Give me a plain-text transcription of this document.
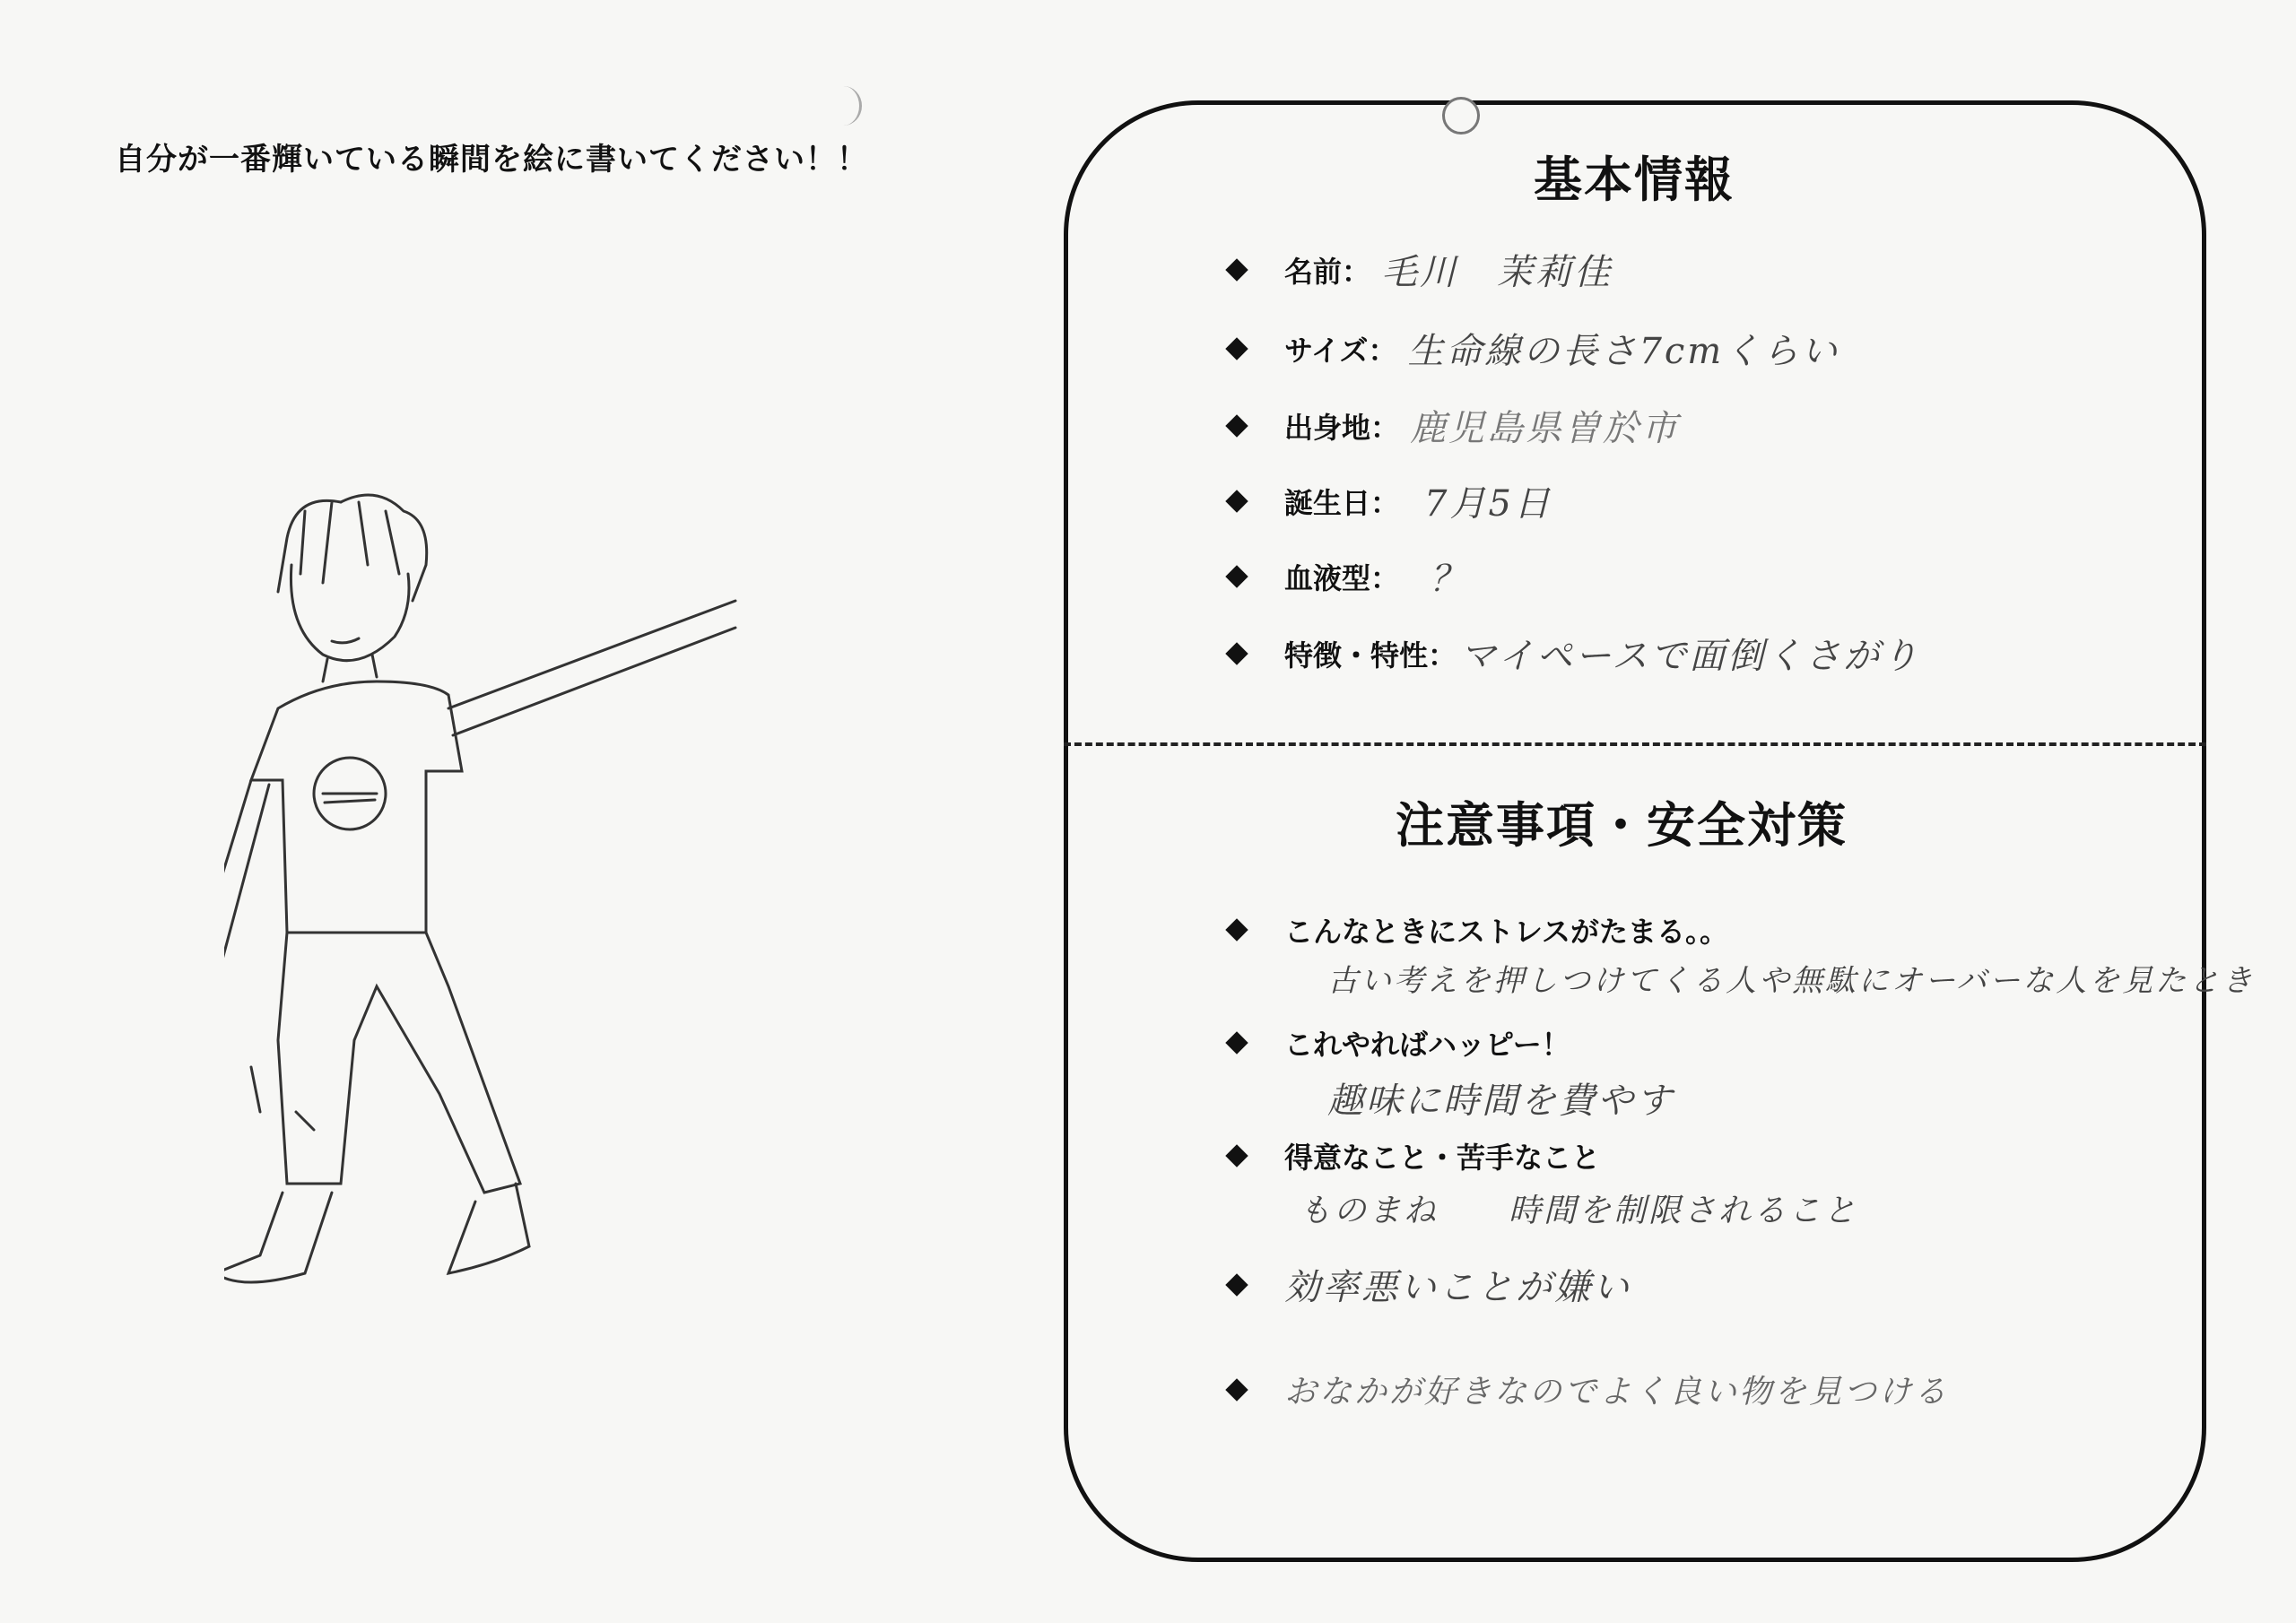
自分が一番輝いている瞬間を絵に書いてください！！	基本情報
名前： 毛川　茉莉佳
サイズ： 生命線の長さ7cmくらい
出身地： 鹿児島県曽於市
誕生日： 7月5日
血液型： ？
特徴・特性： マイペースで面倒くさがり
注意事項・安全対策
こんなときにストレスがたまる。。
古い考えを押しつけてくる人や無駄にオーバーな人を見たとき
これやればハッピー！
趣味に時間を費やす
得意なこと・苦手なこと
ものまね　　時間を制限されること
効率悪いことが嫌い
おなかが好きなのでよく良い物を見つける
